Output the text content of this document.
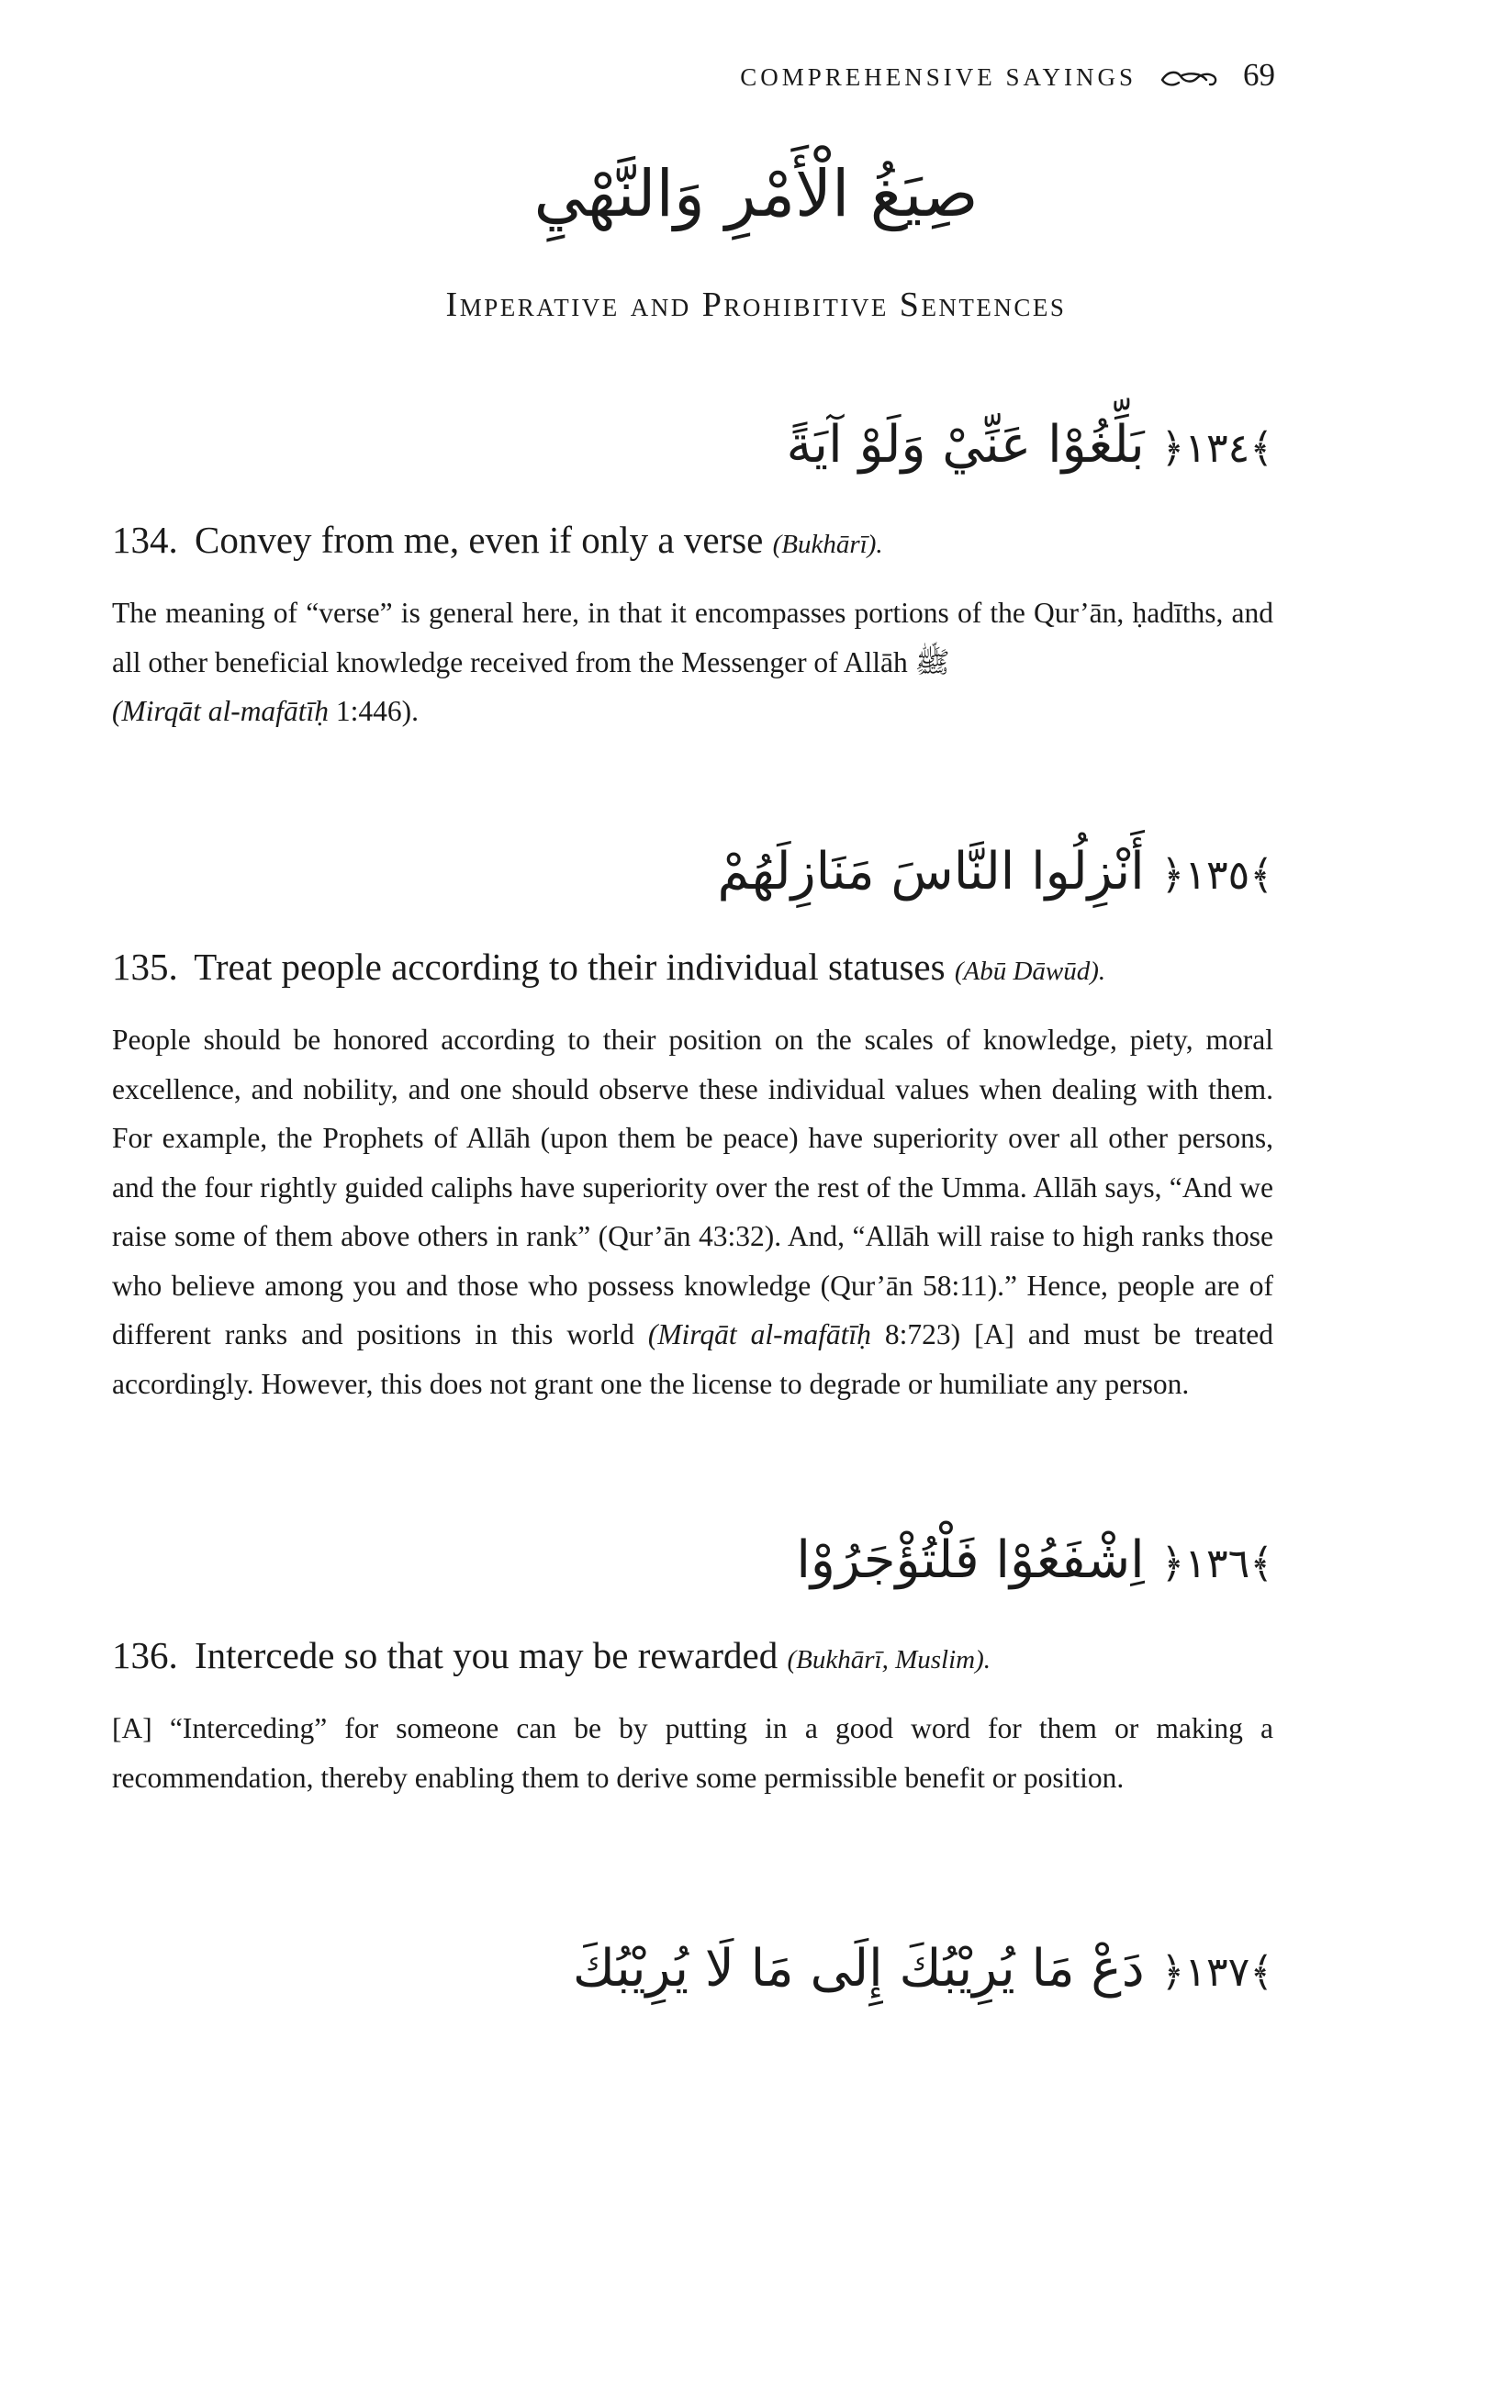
COMPREHENSIVE SAYINGS	69
صِيَغُ الْأَمْرِ وَالنَّهْيِ
Imperative and Prohibitive Sentences
﴾١٣٤﴿ بَلِّغُوْا عَنِّيْ وَلَوْ آيَةً
134. Convey from me, even if only a verse (Bukhārī).
The meaning of “verse” is general here, in that it encompasses portions of the Qur’ān, ḥadīths, and all other beneficial knowledge received from the Messenger of Allāh ﷺ
(Mirqāt al-mafātīḥ 1:446).
﴾١٣٥﴿ أَنْزِلُوا النَّاسَ مَنَازِلَهُمْ
135. Treat people according to their individual statuses (Abū Dāwūd).
People should be honored according to their position on the scales of knowledge, piety, moral excellence, and nobility, and one should observe these individual values when dealing with them. For example, the Prophets of Allāh (upon them be peace) have superiority over all other persons, and the four rightly guided caliphs have superiority over the rest of the Umma. Allāh says, “And we raise some of them above others in rank” (Qur’ān 43:32). And, “Allāh will raise to high ranks those who believe among you and those who possess knowledge (Qur’ān 58:11).” Hence, people are of different ranks and positions in this world (Mirqāt al-mafātīḥ 8:723) [A] and must be treated accordingly. However, this does not grant one the license to degrade or humiliate any person.
﴾١٣٦﴿ اِشْفَعُوْا فَلْتُؤْجَرُوْا
136. Intercede so that you may be rewarded (Bukhārī, Muslim).
[A] “Interceding” for someone can be by putting in a good word for them or making a recommendation, thereby enabling them to derive some permissible benefit or position.
﴾١٣٧﴿ دَعْ مَا يُرِيْبُكَ إِلَى مَا لَا يُرِيْبُكَ
